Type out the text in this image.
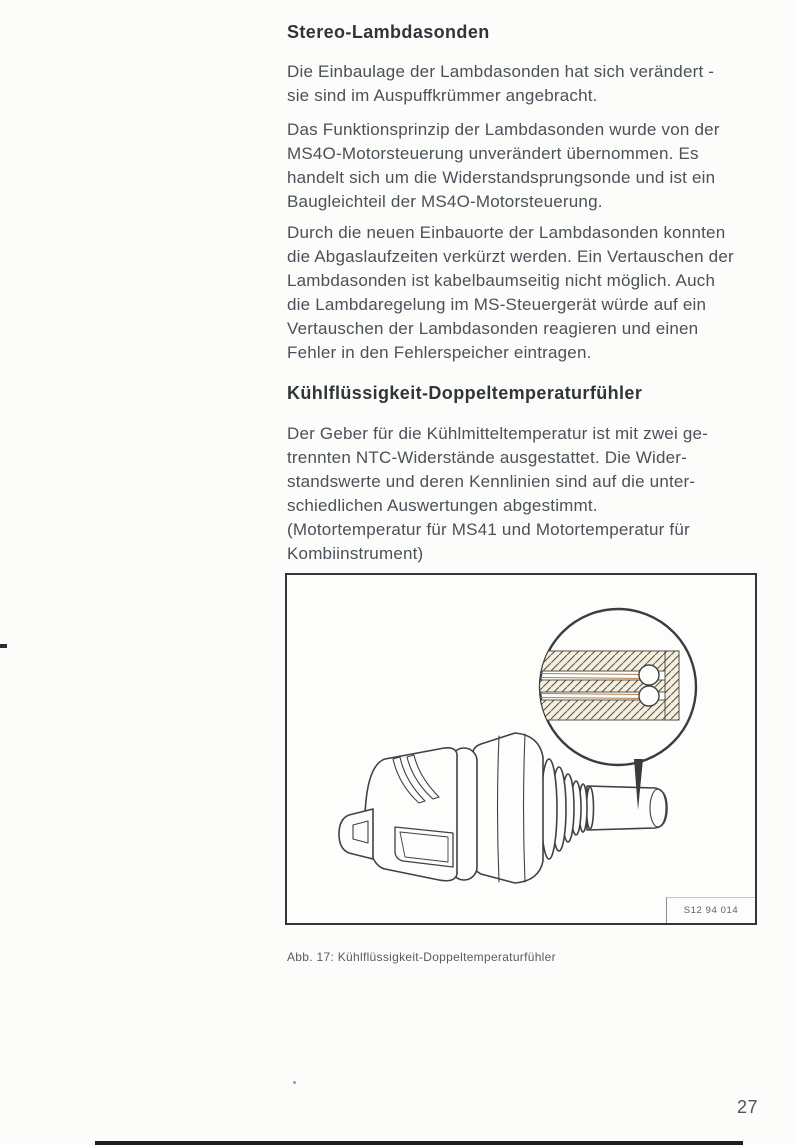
Stereo-Lambdasonden
Die Einbaulage der Lambdasonden hat sich verändert -
sie sind im Auspuffkrümmer angebracht.
Das Funktionsprinzip der Lambdasonden wurde von der
MS4O-Motorsteuerung unverändert übernommen. Es
handelt sich um die Widerstandsprungsonde und ist ein
Baugleichteil der MS4O-Motorsteuerung.
Durch die neuen Einbauorte der Lambdasonden konnten
die Abgaslaufzeiten verkürzt werden. Ein Vertauschen der
Lambdasonden ist kabelbaumseitig nicht möglich. Auch
die Lambdaregelung im MS-Steuergerät würde auf ein
Vertauschen der Lambdasonden reagieren und einen
Fehler in den Fehlerspeicher eintragen.
Kühlflüssigkeit-Doppeltemperaturfühler
Der Geber für die Kühlmitteltemperatur ist mit zwei ge-
trennten NTC-Widerstände ausgestattet. Die Wider-
standswerte und deren Kennlinien sind auf die unter-
schiedlichen Auswertungen abgestimmt.
(Motortemperatur für MS41 und Motortemperatur für
Kombiinstrument)
S12 94 014
Abb. 17: Kühlflüssigkeit-Doppeltemperaturfühler
27
